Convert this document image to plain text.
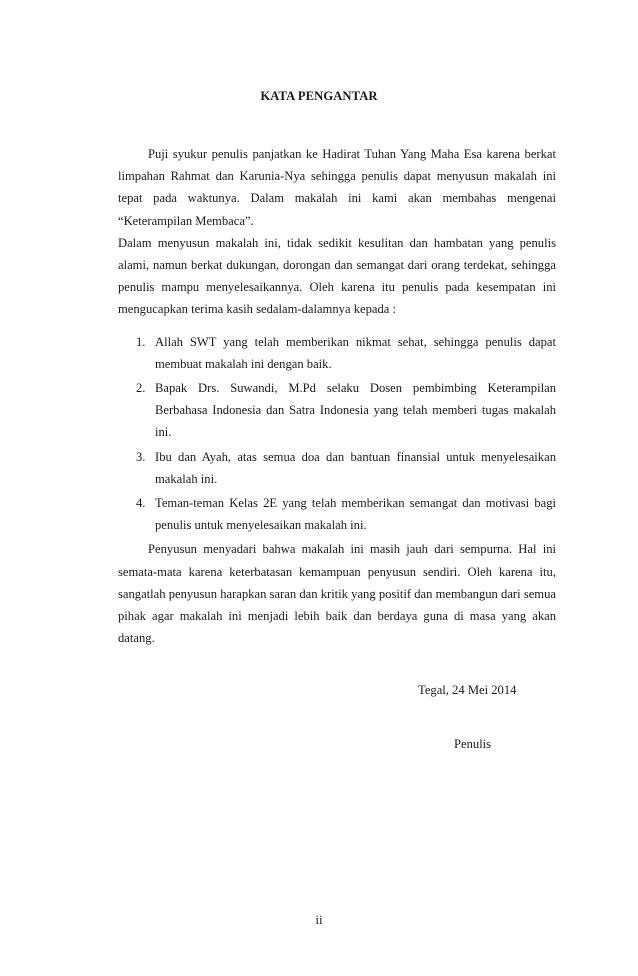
KATA PENGANTAR

Puji syukur penulis panjatkan ke Hadirat Tuhan Yang Maha Esa karena berkat limpahan Rahmat dan Karunia-Nya sehingga penulis dapat menyusun makalah ini tepat pada waktunya. Dalam makalah ini kami akan membahas mengenai “Keterampilan Membaca”.

Dalam menyusun makalah ini, tidak sedikit kesulitan dan hambatan yang penulis alami, namun berkat dukungan, dorongan dan semangat dari orang terdekat, sehingga penulis mampu menyelesaikannya. Oleh karena itu penulis pada kesempatan ini mengucapkan terima kasih sedalam-dalamnya kepada :

1. Allah SWT yang telah memberikan nikmat sehat, sehingga penulis dapat membuat makalah ini dengan baik.
2. Bapak Drs. Suwandi, M.Pd selaku Dosen pembimbing Keterampilan Berbahasa Indonesia dan Satra Indonesia yang telah memberi tugas makalah ini.
3. Ibu dan Ayah, atas semua doa dan bantuan finansial untuk menyelesaikan makalah ini.
4. Teman-teman Kelas 2E yang telah memberikan semangat dan motivasi bagi penulis untuk menyelesaikan makalah ini.

Penyusun menyadari bahwa makalah ini masih jauh dari sempurna. Hal ini semata-mata karena keterbatasan kemampuan penyusun sendiri. Oleh karena itu, sangatlah penyusun harapkan saran dan kritik yang positif dan membangun dari semua pihak agar makalah ini menjadi lebih baik dan berdaya guna di masa yang akan datang.

Tegal, 24 Mei 2014
Penulis
ii
